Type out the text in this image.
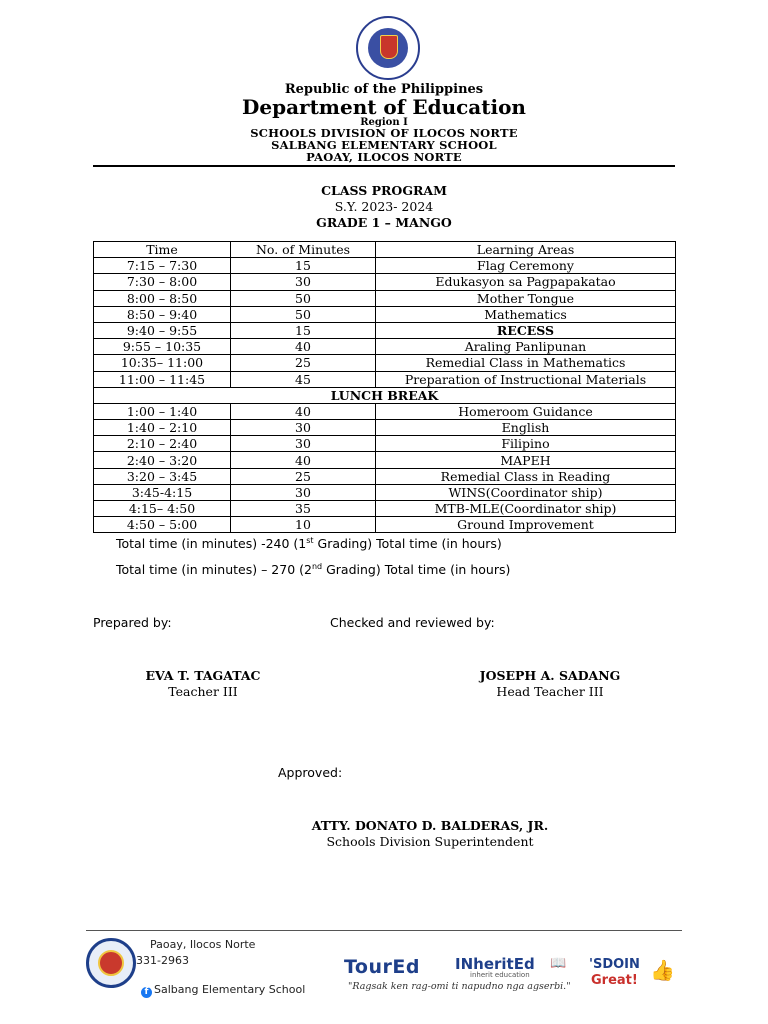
Republic of the Philippines
Department of Education
Region I
SCHOOLS DIVISION OF ILOCOS NORTE
SALBANG ELEMENTARY SCHOOL
PAOAY, ILOCOS NORTE
CLASS PROGRAM
S.Y. 2023- 2024
GRADE 1 – MANGO
Time	No. of Minutes	Learning Areas
7:15 – 7:30	15	Flag Ceremony
7:30 – 8:00	30	Edukasyon sa Pagpapakatao
8:00 – 8:50	50	Mother Tongue
8:50 – 9:40	50	Mathematics
9:40 – 9:55	15	RECESS
9:55 – 10:35	40	Araling Panlipunan
10:35– 11:00	25	Remedial Class in Mathematics
11:00 – 11:45	45	Preparation of Instructional Materials
LUNCH BREAK		
1:00 – 1:40	40	Homeroom Guidance
1:40 – 2:10	30	English
2:10 – 2:40	30	Filipino
2:40 – 3:20	40	MAPEH
3:20 – 3:45	25	Remedial Class in Reading
3:45-4:15	30	WINS(Coordinator ship)
4:15– 4:50	35	MTB-MLE(Coordinator ship)
4:50 – 5:00	10	Ground Improvement
Total time (in minutes) -240 (1st Grading) Total time (in hours)
Total time (in minutes) – 270 (2nd Grading) Total time (in hours)
Prepared by:	Checked and reviewed by:
EVA T. TAGATAC
Teacher III
JOSEPH A. SADANG
Head Teacher III
Approved:
ATTY. DONATO D. BALDERAS, JR.
Schools Division Superintendent
Paoay, Ilocos Norte
331-2963
f Salbang Elementary School
TourEd INheritEd 📖
inherit education
'SDOIN
Great! 👍
"Ragsak ken rag-omi ti napudno nga agserbi."
